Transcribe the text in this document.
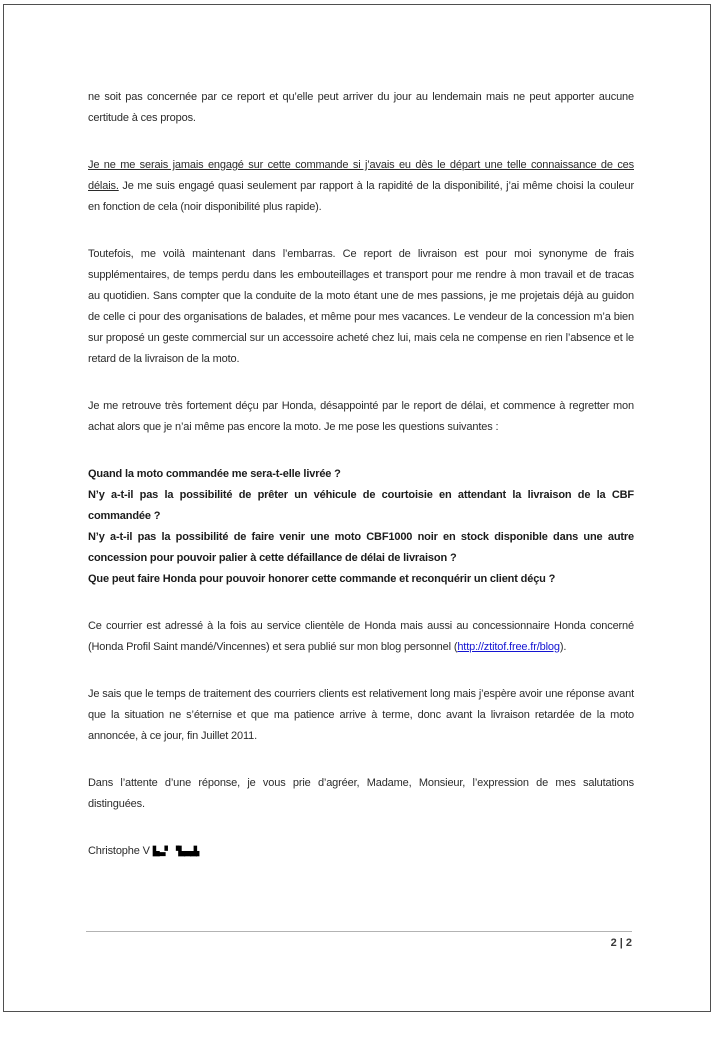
ne soit pas concernée par ce report et qu’elle peut arriver du jour au lendemain mais ne peut apporter aucune certitude à ces propos.

Je ne me serais jamais engagé sur cette commande si j’avais eu dès le départ une telle connaissance de ces délais. Je me suis engagé quasi seulement par rapport à la rapidité de la disponibilité, j’ai même choisi la couleur en fonction de cela (noir disponibilité plus rapide).

Toutefois, me voilà maintenant dans l’embarras. Ce report de livraison est pour moi synonyme de frais supplémentaires, de temps perdu dans les embouteillages et transport pour me rendre à mon travail et de tracas au quotidien. Sans compter que la conduite de la moto étant une de mes passions, je me projetais déjà au guidon de celle ci pour des organisations de balades, et même pour mes vacances. Le vendeur de la concession m’a bien sur proposé un geste commercial sur un accessoire acheté chez lui, mais cela ne compense en rien l’absence et le retard de la livraison de la moto.

Je me retrouve très fortement déçu par Honda, désappointé par le report de délai, et commence à regretter mon achat alors que je n’ai même pas encore la moto. Je me pose les questions suivantes :

Quand la moto commandée me sera-t-elle livrée ?

N’y a-t-il pas la possibilité de prêter un véhicule de courtoisie en attendant la livraison de la CBF commandée ?

N’y a-t-il pas la possibilité de faire venir une moto CBF1000 noir en stock disponible dans une autre concession pour pouvoir palier à cette défaillance de délai de livraison ?

Que peut faire Honda pour pouvoir honorer cette commande et reconquérir un client déçu ?

Ce courrier est adressé à la fois au service clientèle de Honda mais aussi au concessionnaire Honda concerné (Honda Profil Saint mandé/Vincennes) et sera publié sur mon blog personnel (http://ztitof.free.fr/blog).

Je sais que le temps de traitement des courriers clients est relativement long mais j’espère avoir une réponse avant que la situation ne s’éternise et que ma patience arrive à terme, donc avant la livraison retardée de la moto annoncée, à ce jour, fin Juillet 2011.

Dans l’attente d’une réponse, je vous prie d’agréer, Madame, Monsieur, l’expression de mes salutations distinguées.

Christophe V ▙▃▘ ▝▙▄▟▖

2 | 2
